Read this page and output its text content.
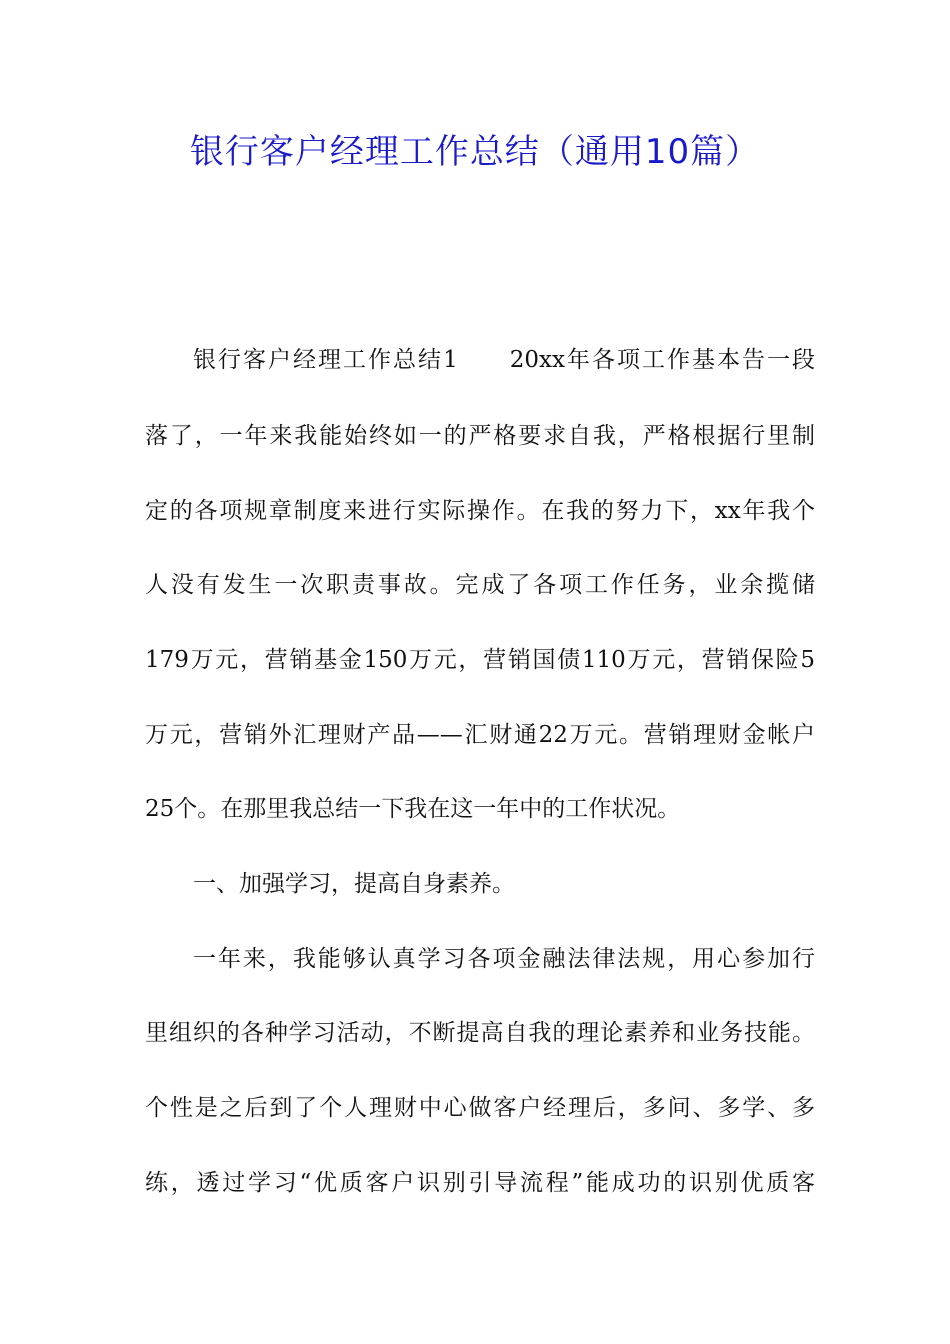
银行客户经理工作总结（通用10篇）

银行客户经理工作总结1　　20xx年各项工作基本告一段

落了，一年来我能始终如一的严格要求自我，严格根据行里制

定的各项规章制度来进行实际操作。在我的努力下，xx年我个

人没有发生一次职责事故。完成了各项工作任务，业余揽储

179万元，营销基金150万元，营销国债110万元，营销保险5

万元，营销外汇理财产品——汇财通22万元。营销理财金帐户

25个。在那里我总结一下我在这一年中的工作状况。

一、加强学习，提高自身素养。

一年来，我能够认真学习各项金融法律法规，用心参加行

里组织的各种学习活动，不断提高自我的理论素养和业务技能。

个性是之后到了个人理财中心做客户经理后，多问、多学、多

练，透过学习“优质客户识别引导流程”能成功的识别优质客
